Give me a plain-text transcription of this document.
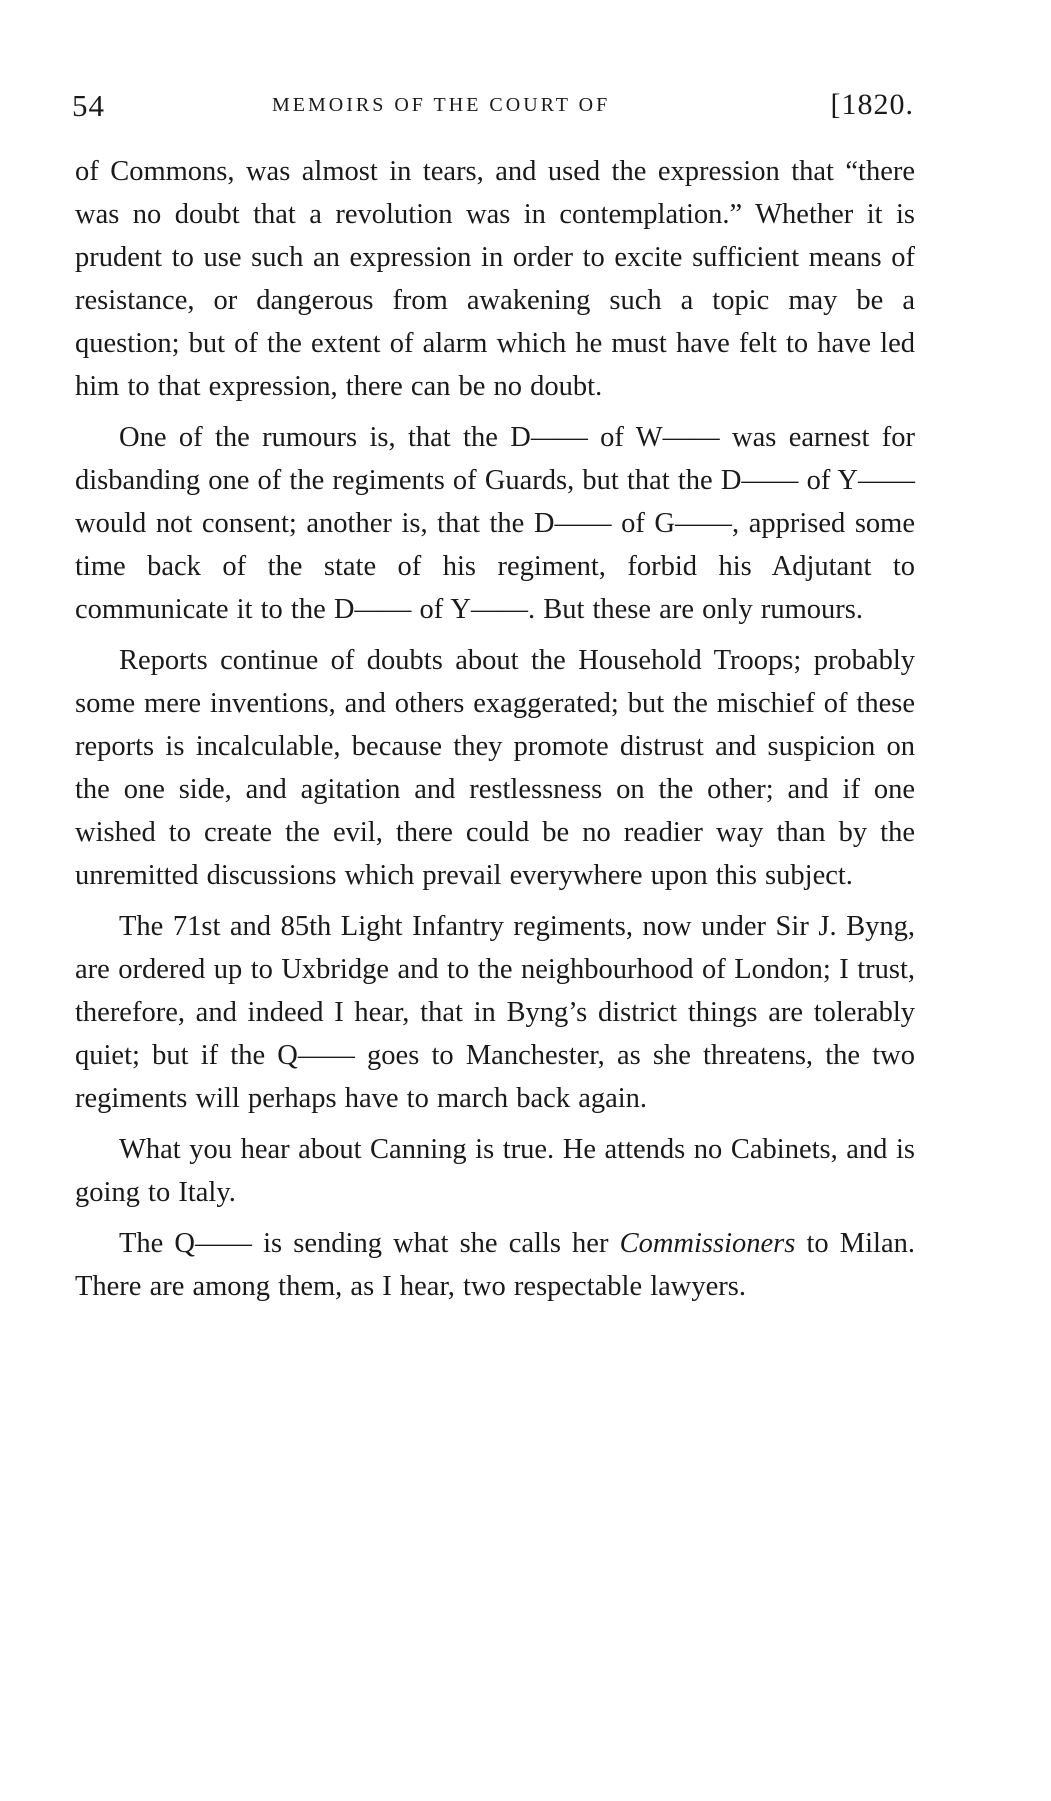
54	MEMOIRS OF THE COURT OF	[1820.

of Commons, was almost in tears, and used the expression that “there was no doubt that a revolution was in contemplation.” Whether it is prudent to use such an expression in order to excite sufficient means of resistance, or dangerous from awakening such a topic may be a question; but of the extent of alarm which he must have felt to have led him to that expression, there can be no doubt.

One of the rumours is, that the D—— of W—— was earnest for disbanding one of the regiments of Guards, but that the D—— of Y—— would not consent; another is, that the D—— of G——, apprised some time back of the state of his regiment, forbid his Adjutant to communicate it to the D—— of Y——. But these are only rumours.

Reports continue of doubts about the Household Troops; probably some mere inventions, and others exaggerated; but the mischief of these reports is incalculable, because they promote distrust and suspicion on the one side, and agitation and restlessness on the other; and if one wished to create the evil, there could be no readier way than by the unremitted discussions which prevail everywhere upon this subject.

The 71st and 85th Light Infantry regiments, now under Sir J. Byng, are ordered up to Uxbridge and to the neighbourhood of London; I trust, therefore, and indeed I hear, that in Byng’s district things are tolerably quiet; but if the Q—— goes to Manchester, as she threatens, the two regiments will perhaps have to march back again.

What you hear about Canning is true. He attends no Cabinets, and is going to Italy.

The Q—— is sending what she calls her Commissioners to Milan. There are among them, as I hear, two respectable lawyers.
